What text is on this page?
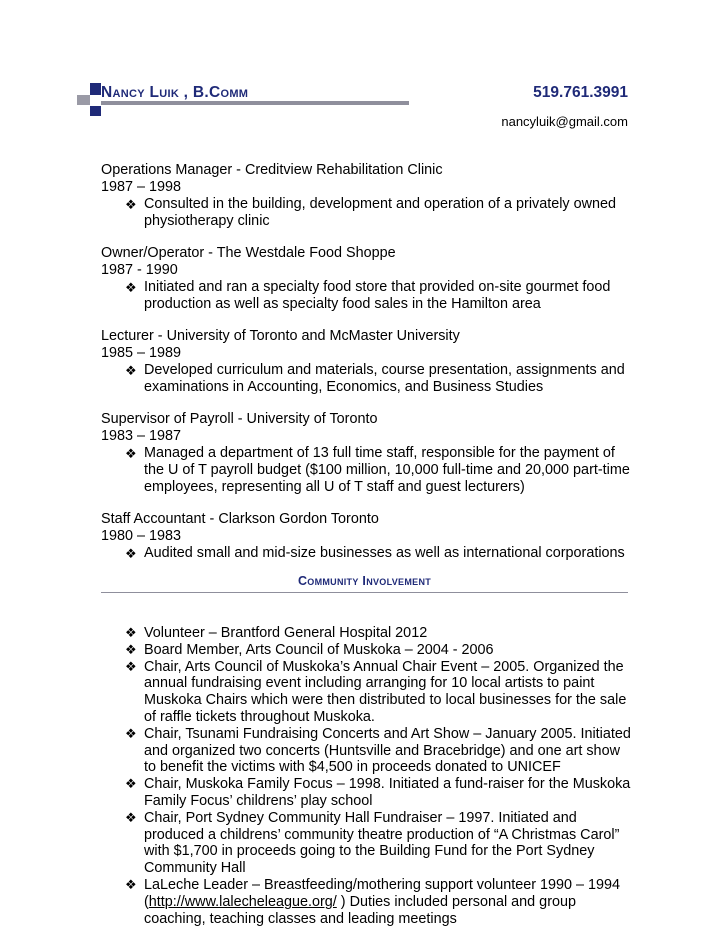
Nancy Luik , B.Comm	519.761.3991
nancyluik@gmail.com
Operations Manager - Creditview Rehabilitation Clinic
1987 – 1998
❖ Consulted in the building, development and operation of a privately owned physiotherapy clinic
Owner/Operator - The Westdale Food Shoppe
1987 - 1990
❖ Initiated and ran a specialty food store that provided on-site gourmet food production as well as specialty food sales in the Hamilton area
Lecturer - University of Toronto and McMaster University
1985 – 1989
❖ Developed curriculum and materials, course presentation, assignments and examinations in Accounting, Economics, and Business Studies
Supervisor of Payroll - University of Toronto
1983 – 1987
❖ Managed a department of 13 full time staff, responsible for the payment of the U of T payroll budget ($100 million, 10,000 full-time and 20,000 part-time employees, representing all U of T staff and guest lecturers)
Staff Accountant - Clarkson Gordon Toronto
1980 – 1983
❖ Audited small and mid-size businesses as well as international corporations
Community Involvement
❖ Volunteer – Brantford General Hospital 2012
❖ Board Member, Arts Council of Muskoka – 2004 - 2006
❖ Chair, Arts Council of Muskoka’s Annual Chair Event – 2005. Organized the annual fundraising event including arranging for 10 local artists to paint Muskoka Chairs which were then distributed to local businesses for the sale of raffle tickets throughout Muskoka.
❖ Chair, Tsunami Fundraising Concerts and Art Show – January 2005. Initiated and organized two concerts (Huntsville and Bracebridge) and one art show to benefit the victims with $4,500 in proceeds donated to UNICEF
❖ Chair, Muskoka Family Focus – 1998. Initiated a fund-raiser for the Muskoka Family Focus’ childrens’ play school
❖ Chair, Port Sydney Community Hall Fundraiser – 1997. Initiated and produced a childrens’ community theatre production of “A Christmas Carol” with $1,700 in proceeds going to the Building Fund for the Port Sydney Community Hall
❖ LaLeche Leader – Breastfeeding/mothering support volunteer 1990 – 1994 (http://www.lalecheleague.org/ ) Duties included personal and group coaching, teaching classes and leading meetings
